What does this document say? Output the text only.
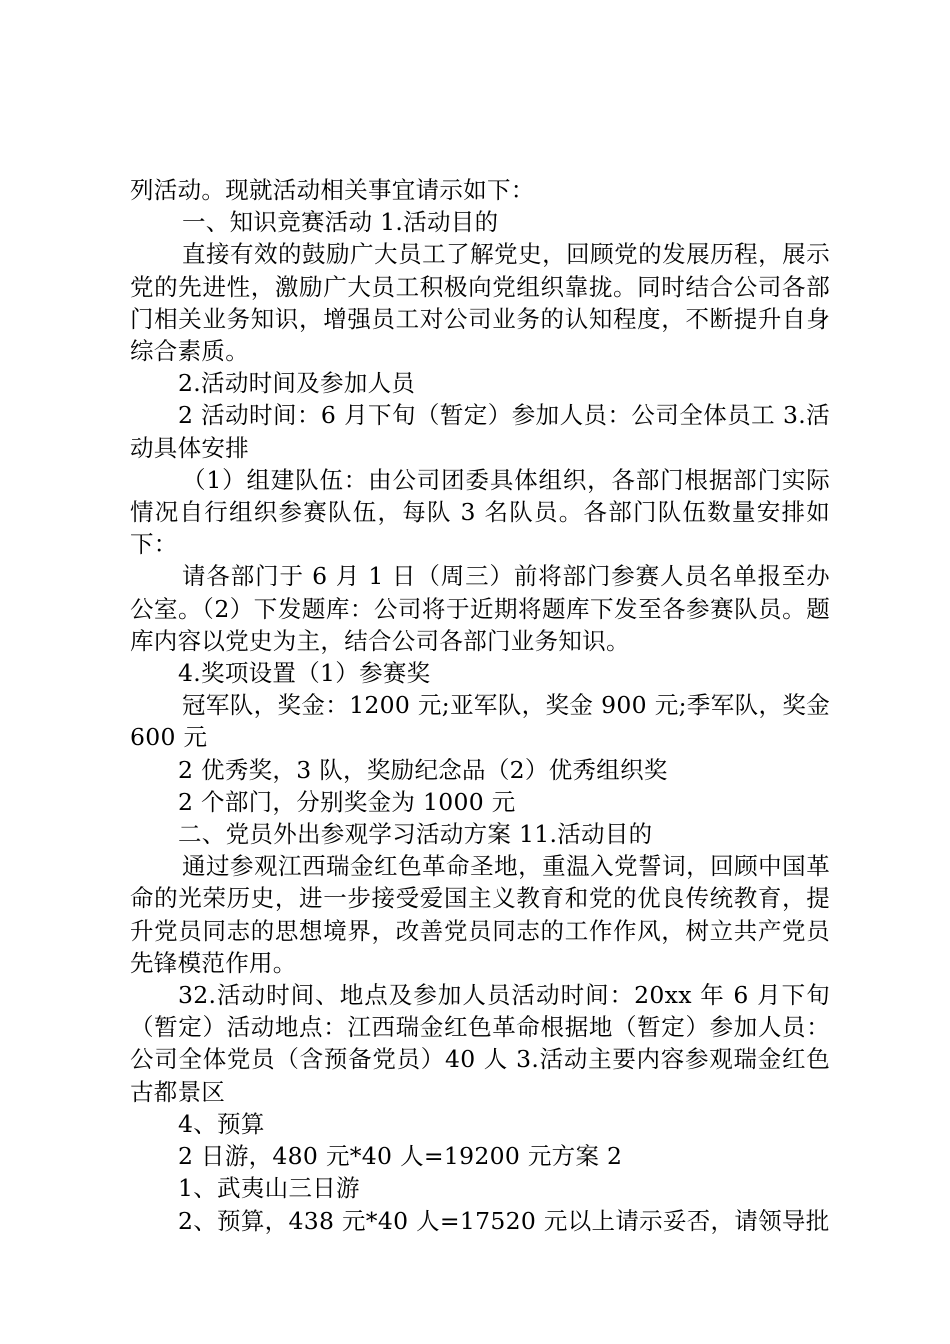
列活动。现就活动相关事宜请示如下：

一、知识竞赛活动 1.活动目的

直接有效的鼓励广大员工了解党史，回顾党的发展历程，展示党的先进性，激励广大员工积极向党组织靠拢。同时结合公司各部门相关业务知识，增强员工对公司业务的认知程度，不断提升自身综合素质。

2.活动时间及参加人员

2 活动时间：6 月下旬（暂定）参加人员：公司全体员工 3.活动具体安排

（1）组建队伍：由公司团委具体组织，各部门根据部门实际情况自行组织参赛队伍，每队 3 名队员。各部门队伍数量安排如下：

请各部门于 6 月 1 日（周三）前将部门参赛人员名单报至办公室。（2）下发题库：公司将于近期将题库下发至各参赛队员。题库内容以党史为主，结合公司各部门业务知识。

4.奖项设置（1）参赛奖

冠军队，奖金：1200 元;亚军队，奖金 900 元;季军队，奖金 600 元

2 优秀奖，3 队，奖励纪念品（2）优秀组织奖

2 个部门，分别奖金为 1000 元

二、党员外出参观学习活动方案 11.活动目的

通过参观江西瑞金红色革命圣地，重温入党誓词，回顾中国革命的光荣历史，进一步接受爱国主义教育和党的优良传统教育，提升党员同志的思想境界，改善党员同志的工作作风，树立共产党员先锋模范作用。

32.活动时间、地点及参加人员活动时间：20xx 年 6 月下旬（暂定）活动地点：江西瑞金红色革命根据地（暂定）参加人员：公司全体党员（含预备党员）40 人 3.活动主要内容参观瑞金红色古都景区

4、预算

2 日游，480 元*40 人=19200 元方案 2

1、武夷山三日游

2、预算，438 元*40 人=17520 元以上请示妥否，请领导批
